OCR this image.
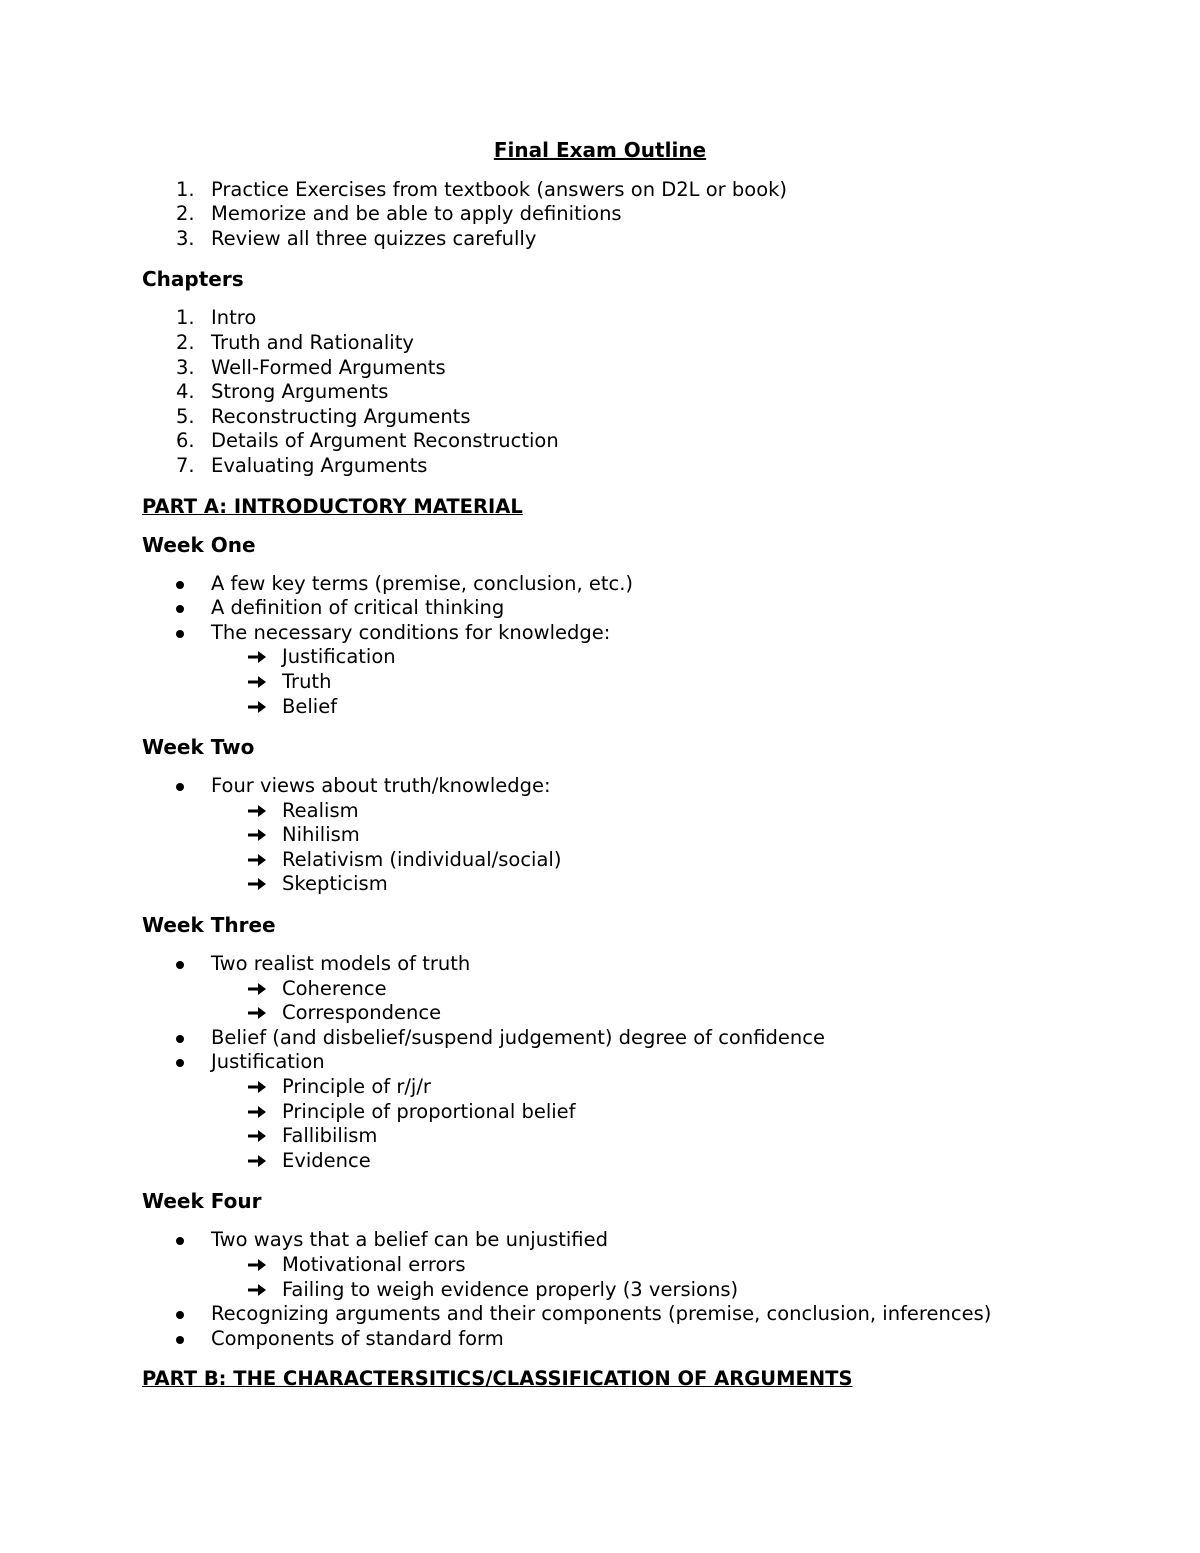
Final Exam Outline
1. Practice Exercises from textbook (answers on D2L or book)
2. Memorize and be able to apply definitions
3. Review all three quizzes carefully
Chapters
1. Intro
2. Truth and Rationality
3. Well-Formed Arguments
4. Strong Arguments
5. Reconstructing Arguments
6. Details of Argument Reconstruction
7. Evaluating Arguments
PART A: INTRODUCTORY MATERIAL
Week One
A few key terms (premise, conclusion, etc.)
A definition of critical thinking
The necessary conditions for knowledge:
Justification
Truth
Belief
Week Two
Four views about truth/knowledge:
Realism
Nihilism
Relativism (individual/social)
Skepticism
Week Three
Two realist models of truth
Coherence
Correspondence
Belief (and disbelief/suspend judgement) degree of confidence
Justification
Principle of r/j/r
Principle of proportional belief
Fallibilism
Evidence
Week Four
Two ways that a belief can be unjustified
Motivational errors
Failing to weigh evidence properly (3 versions)
Recognizing arguments and their components (premise, conclusion, inferences)
Components of standard form
PART B: THE CHARACTERSITICS/CLASSIFICATION OF ARGUMENTS
